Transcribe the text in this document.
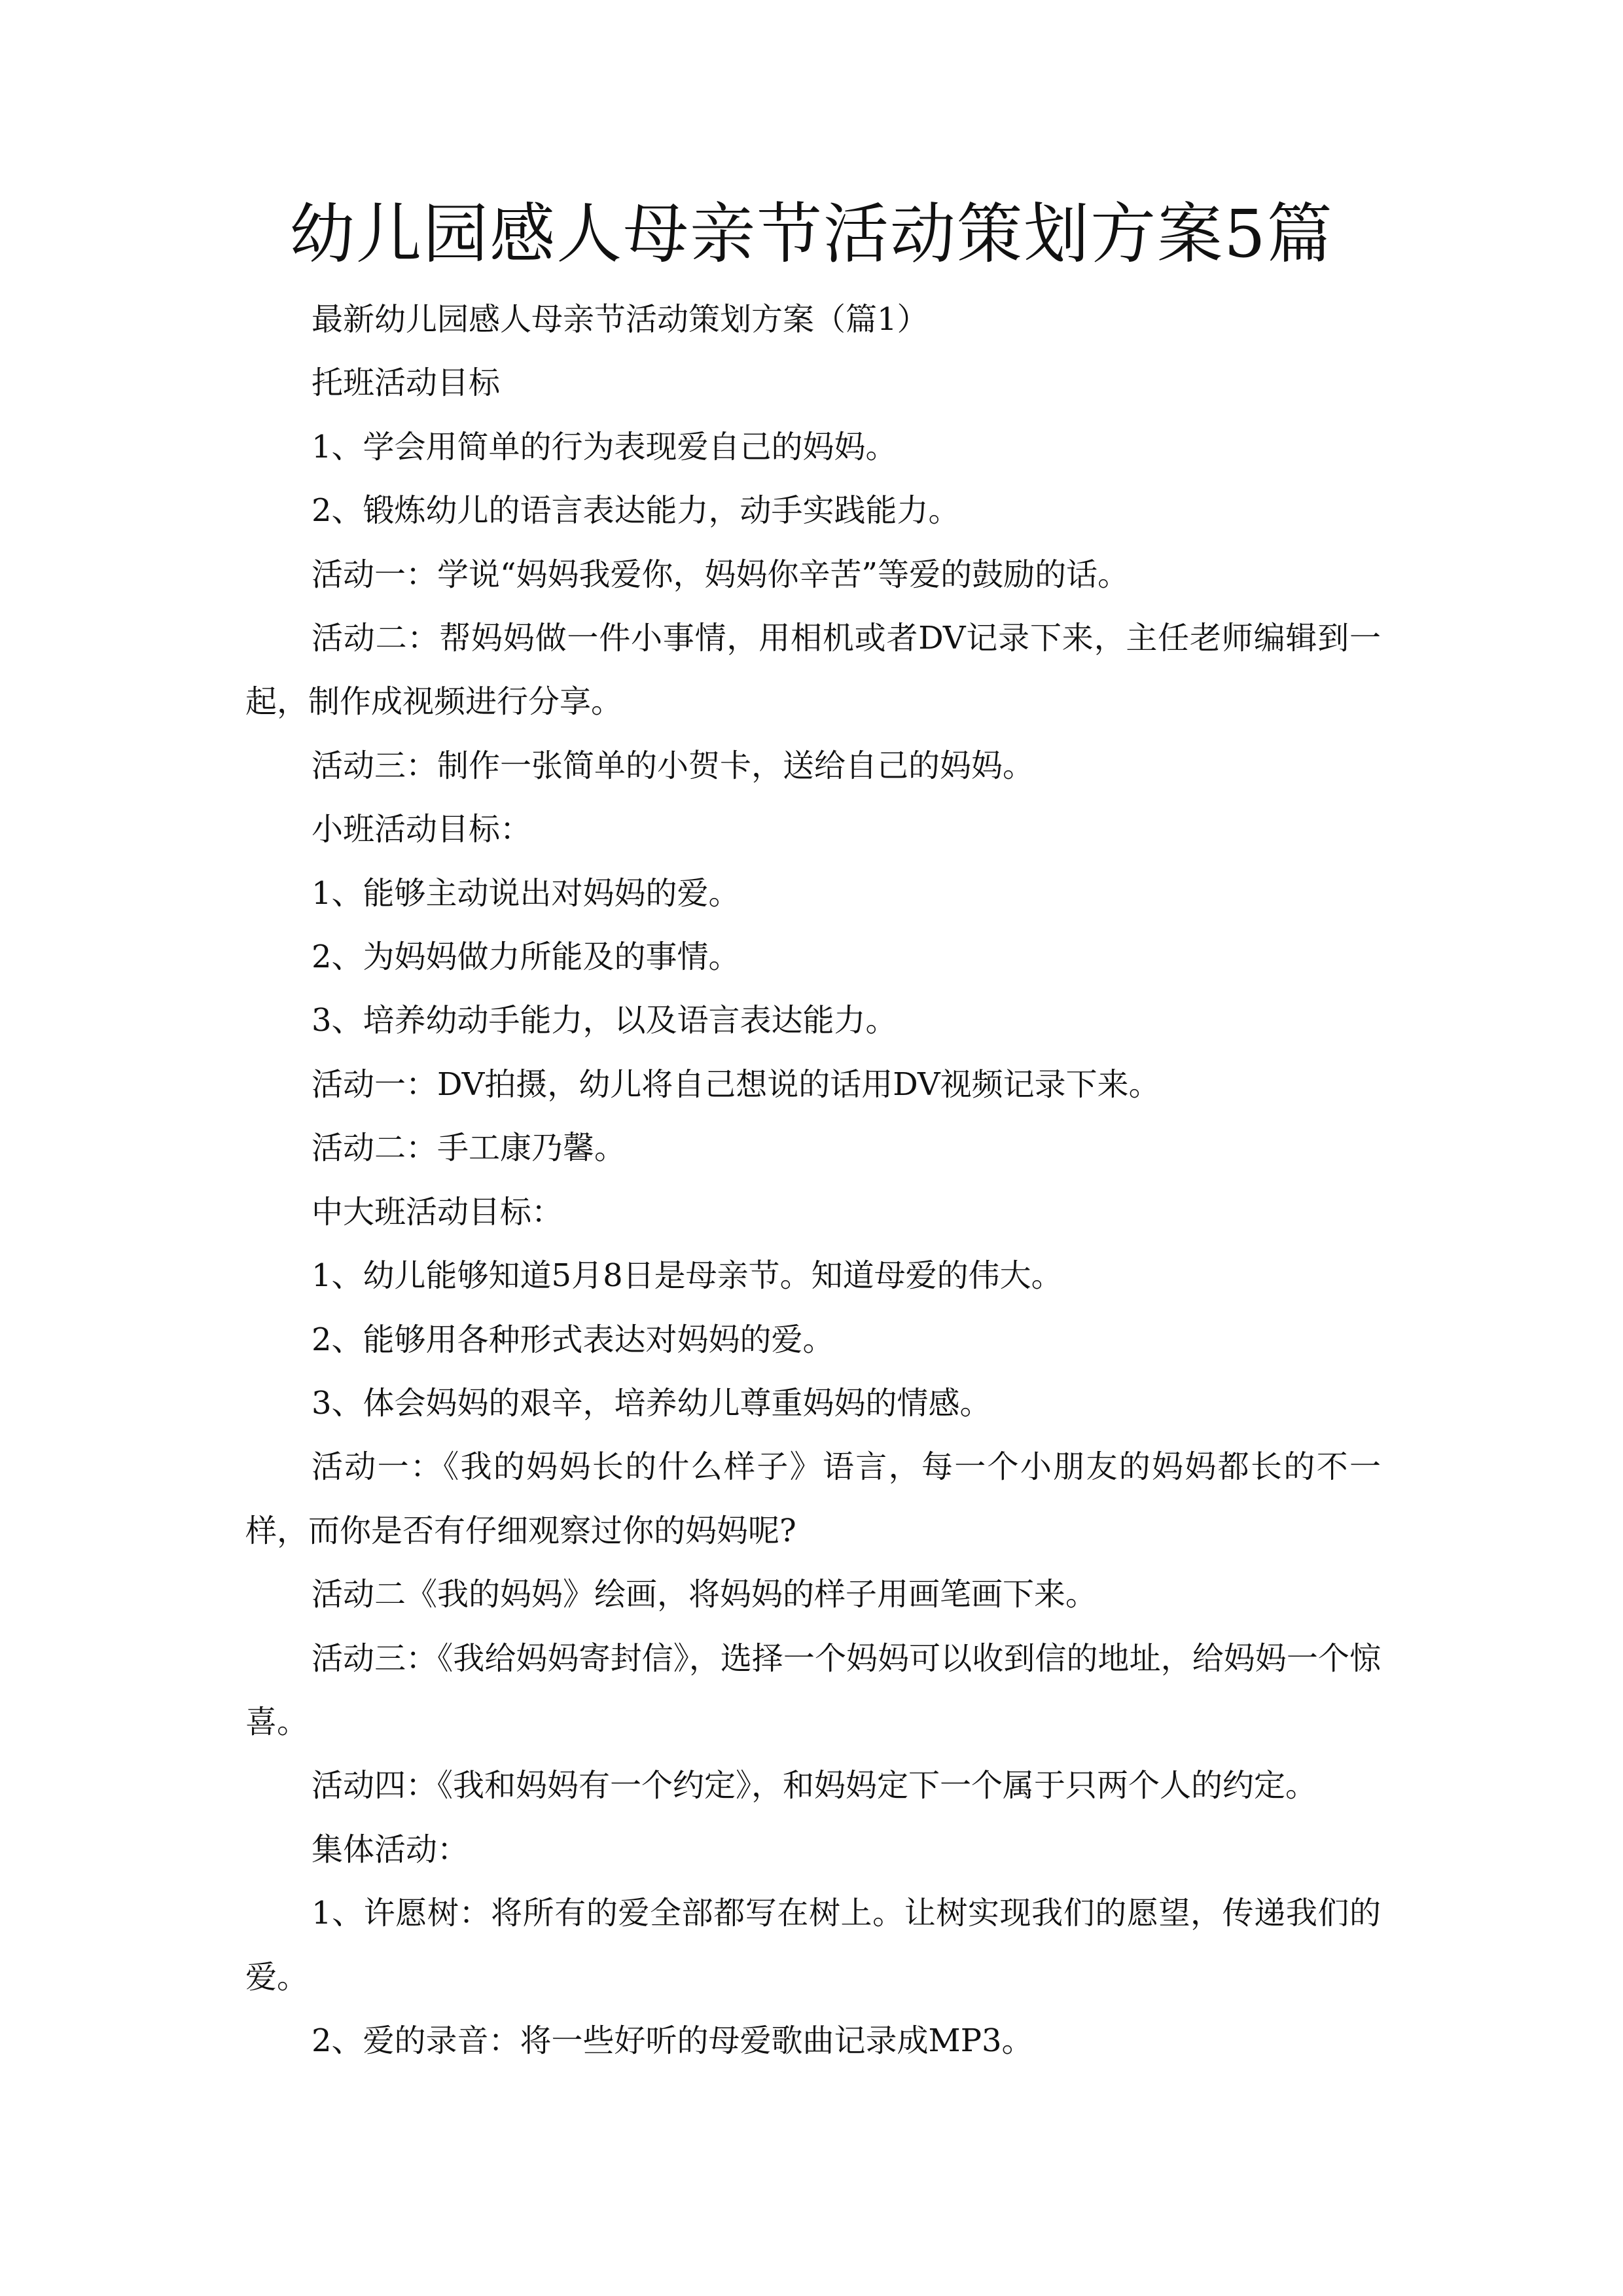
幼儿园感人母亲节活动策划方案5篇

最新幼儿园感人母亲节活动策划方案（篇1）

托班活动目标

1、学会用简单的行为表现爱自己的妈妈。

2、锻炼幼儿的语言表达能力，动手实践能力。

活动一：学说“妈妈我爱你，妈妈你辛苦”等爱的鼓励的话。

活动二：帮妈妈做一件小事情，用相机或者DV记录下来，主任老师编辑到一起，制作成视频进行分享。

活动三：制作一张简单的小贺卡，送给自己的妈妈。

小班活动目标：

1、能够主动说出对妈妈的爱。

2、为妈妈做力所能及的事情。

3、培养幼动手能力，以及语言表达能力。

活动一：DV拍摄，幼儿将自己想说的话用DV视频记录下来。

活动二：手工康乃馨。

中大班活动目标：

1、幼儿能够知道5月8日是母亲节。知道母爱的伟大。

2、能够用各种形式表达对妈妈的爱。

3、体会妈妈的艰辛，培养幼儿尊重妈妈的情感。

活动一：《我的妈妈长的什么样子》语言，每一个小朋友的妈妈都长的不一样，而你是否有仔细观察过你的妈妈呢?

活动二《我的妈妈》绘画，将妈妈的样子用画笔画下来。

活动三：《我给妈妈寄封信》，选择一个妈妈可以收到信的地址，给妈妈一个惊喜。

活动四：《我和妈妈有一个约定》，和妈妈定下一个属于只两个人的约定。

集体活动：

1、许愿树：将所有的爱全部都写在树上。让树实现我们的愿望，传递我们的爱。

2、爱的录音：将一些好听的母爱歌曲记录成MP3。
